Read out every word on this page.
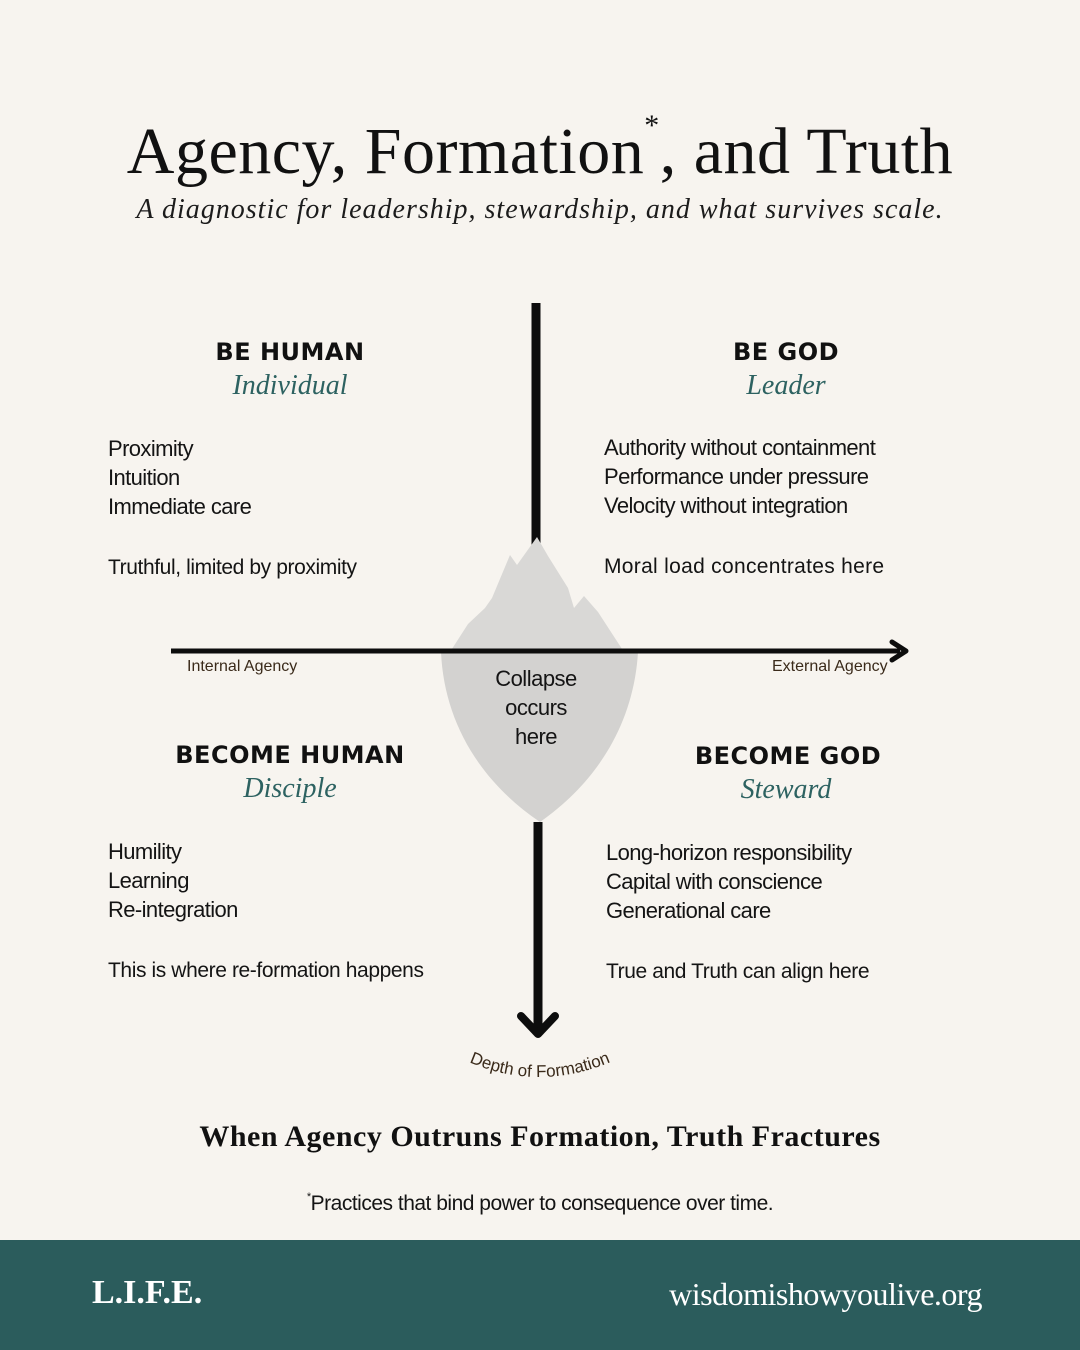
Agency, Formation*, and Truth
A diagnostic for leadership, stewardship, and what survives scale.
Depth of Formation
Internal Agency	External Agency
Collapse
occurs
here
BE HUMAN
Individual
Proximity
Intuition
Immediate care
Truthful, limited by proximity
BE GOD
Leader
Authority without containment
Performance under pressure
Velocity without integration
Moral load concentrates here
BECOME HUMAN
Disciple
Humility
Learning
Re-integration
This is where re-formation happens
BECOME GOD
Steward
Long-horizon responsibility
Capital with conscience
Generational care
True and Truth can align here
When Agency Outruns Formation, Truth Fractures
*Practices that bind power to consequence over time.
L.I.F.E.	wisdomishowyoulive.org
